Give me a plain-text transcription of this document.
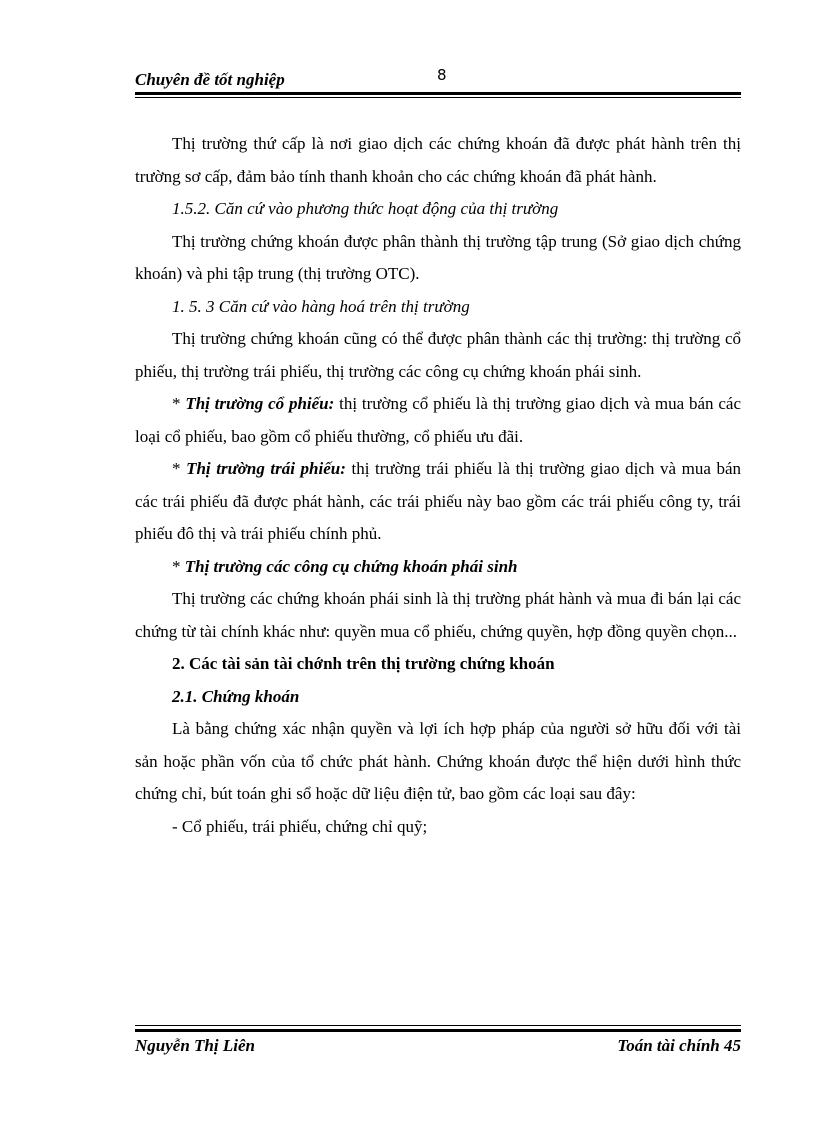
Chuyên đề tốt nghiệp	8

Thị trường thứ cấp là nơi giao dịch các chứng khoán đã được phát hành trên thị trường sơ cấp, đảm bảo tính thanh khoản cho các chứng khoán đã phát hành.

1.5.2. Căn cứ vào phương thức hoạt động của thị trường

Thị trường chứng khoán được phân thành thị trường tập trung (Sở giao dịch chứng khoán) và phi tập trung (thị trường OTC).

1. 5. 3 Căn cứ vào hàng hoá trên thị trường

Thị trường chứng khoán cũng có thể được phân thành các thị trường: thị trường cổ phiếu, thị trường trái phiếu, thị trường các công cụ chứng khoán phái sinh.

* Thị trường cổ phiếu: thị trường cổ phiếu là thị trường giao dịch và mua bán các loại cổ phiếu, bao gồm cổ phiếu thường, cổ phiếu ưu đãi.

* Thị trường trái phiếu: thị trường trái phiếu là thị trường giao dịch và mua bán các trái phiếu đã được phát hành, các trái phiếu này bao gồm các trái phiếu công ty, trái phiếu đô thị và trái phiếu chính phủ.

* Thị trường các công cụ chứng khoán phái sinh

Thị trường các chứng khoán phái sinh là thị trường phát hành và mua đi bán lại các chứng từ tài chính khác như: quyền mua cổ phiếu, chứng quyền, hợp đồng quyền chọn...

2. Các tài sản tài chớnh trên thị trường chứng khoán

2.1. Chứng khoán

Là bằng chứng xác nhận quyền và lợi ích hợp pháp của người sở hữu đối với tài sản hoặc phần vốn của tổ chức phát hành. Chứng khoán được thể hiện dưới hình thức chứng chỉ, bút toán ghi sổ hoặc dữ liệu điện tử, bao gồm các loại sau đây:

- Cổ phiếu, trái phiếu, chứng chỉ quỹ;

Nguyễn Thị Liên	Toán tài chính 45
